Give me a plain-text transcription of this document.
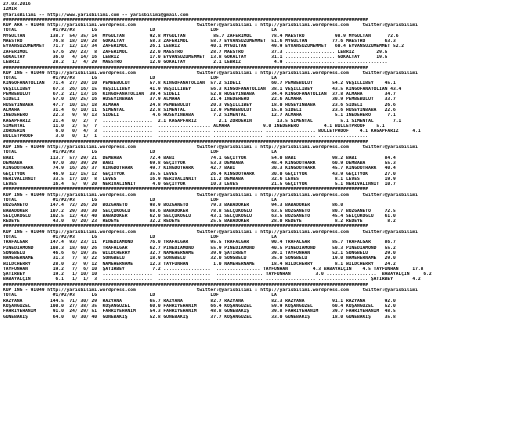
27.03.2016
İZMİR
@YarisBilimi -- http://www.yarisbilimi.com -- yarisbilimi@gmail.com
####################################################################################################################################
KUP ARA - 91048 http://yarisbilimi.wordpress.com                      twitter:@yarisbilimi : http://yarisbilimi.wordpress.com     twitter:@yarisbilimi
TOTAL             #1/#2/#3      LG                   LD                    LDF                   LA
MYGULTAN         138.7  54/ 35/ 14  MYGULTAN         92.8 MYGULTAN          85.7 ZAFERİMOL       78.4 MAESTRO           98.9 MYGULTAN      72.6
MAESTRO           76.8  18/ 19/ 28  GÖKALTAY         58.3 ZAFERİMOL        58.7 EYVANSUZUMEMMET  51.6 MYGULTAN         77.6 MAESTRO       63.3
EYVANSUZUMEMMET   71.7  12/ 13/ 34  ZAFERİMOL        26.1 LEBRİZ           40.1 MYGULTAN         49.9 EYVANSUZUMEMMET   60.4 EYVANSUZUMEMMET 52.2
ZAFERİMOL         57.6  29/ 23/  8  ZAFERİMOL        22.0 MAESTRO          28.7 MAESTRO          37.3 .................. LEBRİZ        29.5
GÖKALTAY          36.0   4/ 14/ 16  LEBRİZ           17.0 EYVANSUZUMEMMET  13.8 GÖKALTAY         31.1 .................. GÖKALTAY      19.5
LEBRİZ            28.2   1/  4/ 29  MAESTRO          12.0 GÖKALTAY          2.1 LEBRİZ            4.9 .................. ..................
####################################################################################################################################
KUP ING - 91049 http://yarisbilimi.wordpress.com                      twitter:@yarisbilimi : http://yarisbilimi.wordpress.com     twitter:@yarisbilimi
TOTAL             #1/#2/#3      LG                   LD                    LDF                   LA
KINGOFANATOLIAN   71.4  27/ 20/ 10  PEMBEBULUT       57.8 KINGOFANATOLIAN  57.2 SİDELİ           60.7 PEMBEBULUT       54.2 VEŞİLLİBEY    45.1
VEŞİLLİBEY        67.3  26/ 16/ 15  VEŞİLLİBEY       41.9 VEŞİLLİBEY       56.3 KINGOFANATOLIAN  38.1 VEŞİLLİBEY       43.5 KINGOFANATOLIAN 43.4
PEMBEBULUT        67.2  21/ 13/ 16  KINGOFANATOLIAN  39.4 SİDELİ           52.8 HÜSEYİNBABA      34.4 KINGOFANATOLIAN  37.8 ALMAHA        34.7
SİDELİ            57.0  19/ 25/ 16  HÜSEYİNBABA      37.9 ALMAHA           21.4 İNEDEHERO        22.6 ALMAHA           30.9 PEMBEBULUT    33.7
HÜSEYİNBABA       47.7  10/ 15/ 18  ALMAHA           24.8 PEMBEBULUT       20.3 VEŞİLLİBEY       18.0 HÜSEYİNBABA      23.6 SİDELİ        26.6
ALMAHA            31.4   6/ 10/ 11  SİMENTAL         22.8 SİMENTAL         12.9 PEMBEBULUT       15.8 SİDELİ           23.6 HÜSEYİNBABA   22.6
İNEDEHERO         22.3   9/  9/ 13  SİDELİ            4.6 HÜSEYİNBABA       7.2 SİMENTAL         12.7 ALMAHA            5.1 İNEDEHERO      7.1
KAGAPFARIZ        21.4   0/  2/  7  ..................  2.1 KAGAPFARIZ        2.1 ZORDERİN         13.5 SİMENTAL          5.1 SİMENTAL       7.1
SİMENTAL          11.0   2/  5/  7  ..................  ................... ALMAHA            9.0 İNEDEHERO         4.1 BULLETPROOF    5.1
ZORDERİN           6.0   0/  4/  3  ..................  ................... .................. .................. BULLETPROOF    4.1 KAGAPFARIZ     4.1
BULLETPROOF        3.0   0/  1/  1  ..................  ................... .................. .................. ..................
####################################################################################################################################
KUP ING - 91049 http://yarisbilimi.wordpress.com                      twitter:@yarisbilimi : http://yarisbilimi.wordpress.com     twitter:@yarisbilimi
TOTAL             #1/#2/#3      LG                   LD                    LDF                   LA
BABİ             113.7  57/ 29/ 21  DEMBABA          72.4 BABİ             74.1 GEÇİTYOK         54.0 BABİ             98.2 BABİ          84.4
DEMBABA           97.0  30/ 39/ 29  BABİ             69.8 GEÇİTYOK         53.3 DEMBABA          48.4 KINGDOTHARK      60.9 DEMBABA       55.3
KINGDOTHARK       74.9  16/ 26/ 37  KINGDOTHARK      49.7 KINGDOTHARK      42.7 BABİ             30.3 KINGDOTHARK      45.7 KINGDOTHARK   40.4
GEÇİTYOK          46.9  12/ 15/ 12  GEÇİTYOK         35.5 LEVES            26.4 KINGDOTHARK      30.0 GEÇİTYOK         43.9 GEÇİTYOK      27.0
NERİVALİNNIT      33.5  17/ 10/  8  LEVES            16.9 NERİVALİNNIT     11.2 DEMBABA          32.6 LEVES             8.1 LEVES         19.9
LEVES             16.4   5/  9/ 20  NERİVALİNNIT      4.0 GEÇİTYOK         10.3 LEVES            21.5 GEÇİTYOK          5.1 NERİVALİNNIT  10.7
####################################################################################################################################
KUP ING - 91049 http://yarisbilimi.wordpress.com                      twitter:@yarisbilimi : http://yarisbilimi.wordpress.com     twitter:@yarisbilimi
TOTAL             #1/#2/#3      LG                   LD                    LDF                   LA
BOZGANETO        147.4  72/ 26/ 20  BOZGANETO        98.9 BOZGANETO        79.3 BABADOKER        94.3 BABADOKER        86.0
BABADOKER        107.2  29/ 30/ 30  SELÇUKOĞLU       68.6 BABADOKER        78.8 SELÇUKOĞLU       63.5 BOZGANETO        80.7 BOZGANETO     72.5
SELÇUKOĞLU       102.5  12/ 43/ 40  BABADOKER        62.0 SELÇUKOĞLU       43.1 SELÇUKOĞLU       63.5 BOZGANETO        45.4 SELÇUKOĞLU    61.0
REDEYE            43.0   0/ 20/ 23  REDEYE           32.2 REDEYE           25.5 BABADOKER        28.0 REDEYE            8.2 REDEYE         8.2
####################################################################################################################################
KUP ING - 91049 http://yarisbilimi.wordpress.com                      twitter:@yarisbilimi : http://yarisbilimi.wordpress.com     twitter:@yarisbilimi
TOTAL             #1/#2/#3      LG                   LD                    LDF                   LA
TRAFALGAR        147.4  93/ 23/ 11  PINEDIAMOND      76.0 TRAFALGAR        95.5 TRAFALGAR        90.4 TRAFALGAR        85.7 TRAFALGAR     86.7
PINEDIAMOND      108.3  18/ 60/ 26  TRAFALGAR        62.7 PINEDIAMOND      55.9 PINEDIAMOND      40.5 PINEDIAMOND      50.3 PINEDIAMOND   55.2
SONGBELU          46.6   6/ 19/ 35  WILDCHERRY       32.7 NAMEHERNAME      39.9 ŞATIRBEY         39.1 TAYFUNHAN        52.1 SONGBELU      29.0
NAMEHERNAME       31.3   7/  8/ 22  SONGBELU         18.9 SONGBELU         32.0 SONGBELU         35.0 SONGBELU         19.0 NAMEHERNAME   29.0
WILDCHERRY        28.0   2/  9/ 12  NAMEHERNAME      12.3 TAYFUNHAN         1.0 NAMEHERNAME      18.4 WILDCHERRY        8.1 WILDCHERRY    24.2
TAYFUNHAN         19.2   7/  6/ 10  ŞATIRBEY          7.2 .................  ................ TAYFUNHAN         4.3 BABAYALÇIN    4.5 TAYFUNHAN     17.8
ŞATIRBEY          19.2   1/ 10/ 10  ..................  ...................  ................. TAYFUNHAN         3.0 ..................  BABAYALÇIN     6.2
BABAYALÇIN         6.1   1/  1/  3  ..................  ...................  ................. .................. .................. ŞATIRBEY       4.2
####################################################################################################################################
KUP ING - 91049 http://yarisbilimi.wordpress.com                      twitter:@yarisbilimi : http://yarisbilimi.wordpress.com     twitter:@yarisbilimi
TOTAL             #1/#2/#3      LG                   LD                    LDF                   LA
RAZYANA          144.5  71/ 30/ 29  RAZYANA          65.7 RAZYANA          82.7 RAZYANA          82.3 RAZYANA          91.1 RAZYANA       92.0
KOŞANGUZEL       100.0  27/ 38/ 35  KOŞANGUZEL       60.0 FAHRIYEHANIM     66.4 KOŞANGUZEL       59.9 KOŞANGUZEL       60.4 KOŞANGUZEL    52.0
FAHRIYEHANIM      91.0  24/ 29/ 51  FAHRIYEHANIM     54.3 FAHRIYEHANIM     48.8 GUNEBAKIŞ        39.8 FAHRIYEHANIM     39.7 FAHRIYEHANIM  48.5
GUNEBAKIŞ         64.0   0/ 30/ 40  GUNEBAKIŞ        52.8 GUNEBAKIŞ        37.7 KOŞANGUZEL       33.0 GUNEBAKIŞ        18.0 GUNEBAKIŞ     35.8
